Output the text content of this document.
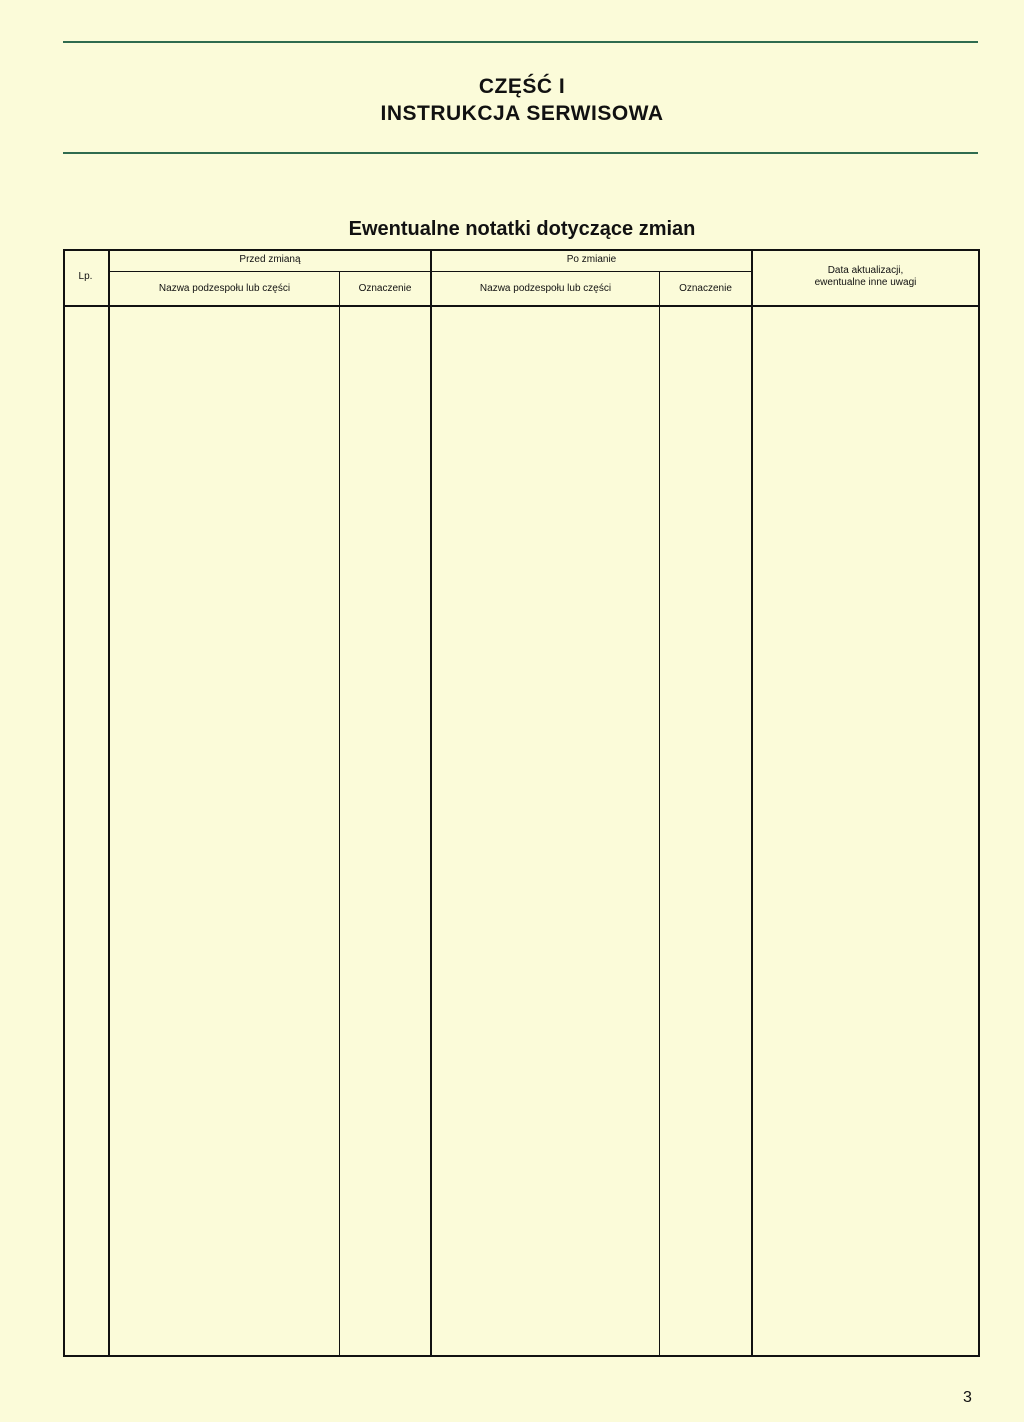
CZĘŚĆ I
INSTRUKCJA SERWISOWA
Ewentualne notatki dotyczące zmian
Lp.
Przed zmianą	Po zmianie
Nazwa podzespołu lub części	Oznaczenie	Nazwa podzespołu lub części	Oznaczenie
Data aktualizacji,
ewentualne inne uwagi
3
